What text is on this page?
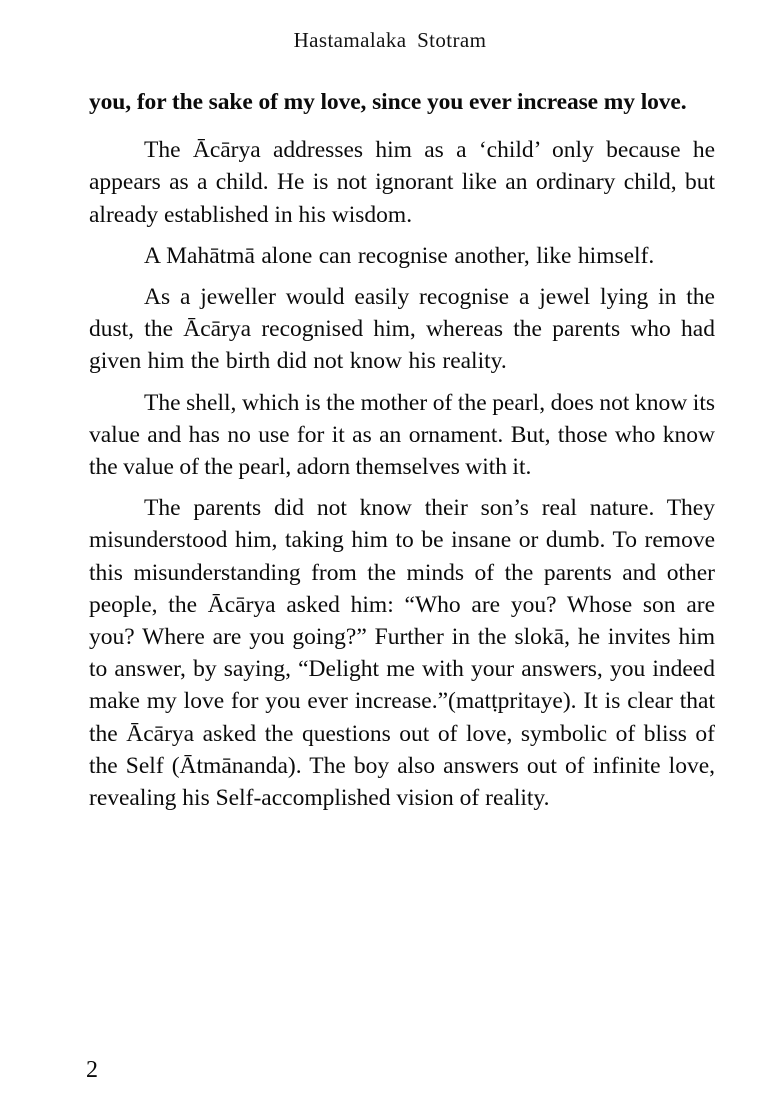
Hastamalaka Stotram

you, for the sake of my love, since you ever increase my love.

The Ācārya addresses him as a ‘child’ only because he appears as a child. He is not ignorant like an ordinary child, but already established in his wisdom.

A Mahātmā alone can recognise another, like himself.

As a jeweller would easily recognise a jewel lying in the dust, the Ācārya recognised him, whereas the parents who had given him the birth did not know his reality.

The shell, which is the mother of the pearl, does not know its value and has no use for it as an ornament. But, those who know the value of the pearl, adorn themselves with it.

The parents did not know their son’s real nature. They misunderstood him, taking him to be insane or dumb. To remove this misunderstanding from the minds of the parents and other people, the Ācārya asked him: “Who are you? Whose son are you? Where are you going?” Further in the slokā, he invites him to answer, by saying, “Delight me with your answers, you indeed make my love for you ever increase.”(matṭpritaye). It is clear that the Ācārya asked the questions out of love, symbolic of bliss of the Self (Ātmānanda). The boy also answers out of infinite love, revealing his Self-accomplished vision of reality.

2
